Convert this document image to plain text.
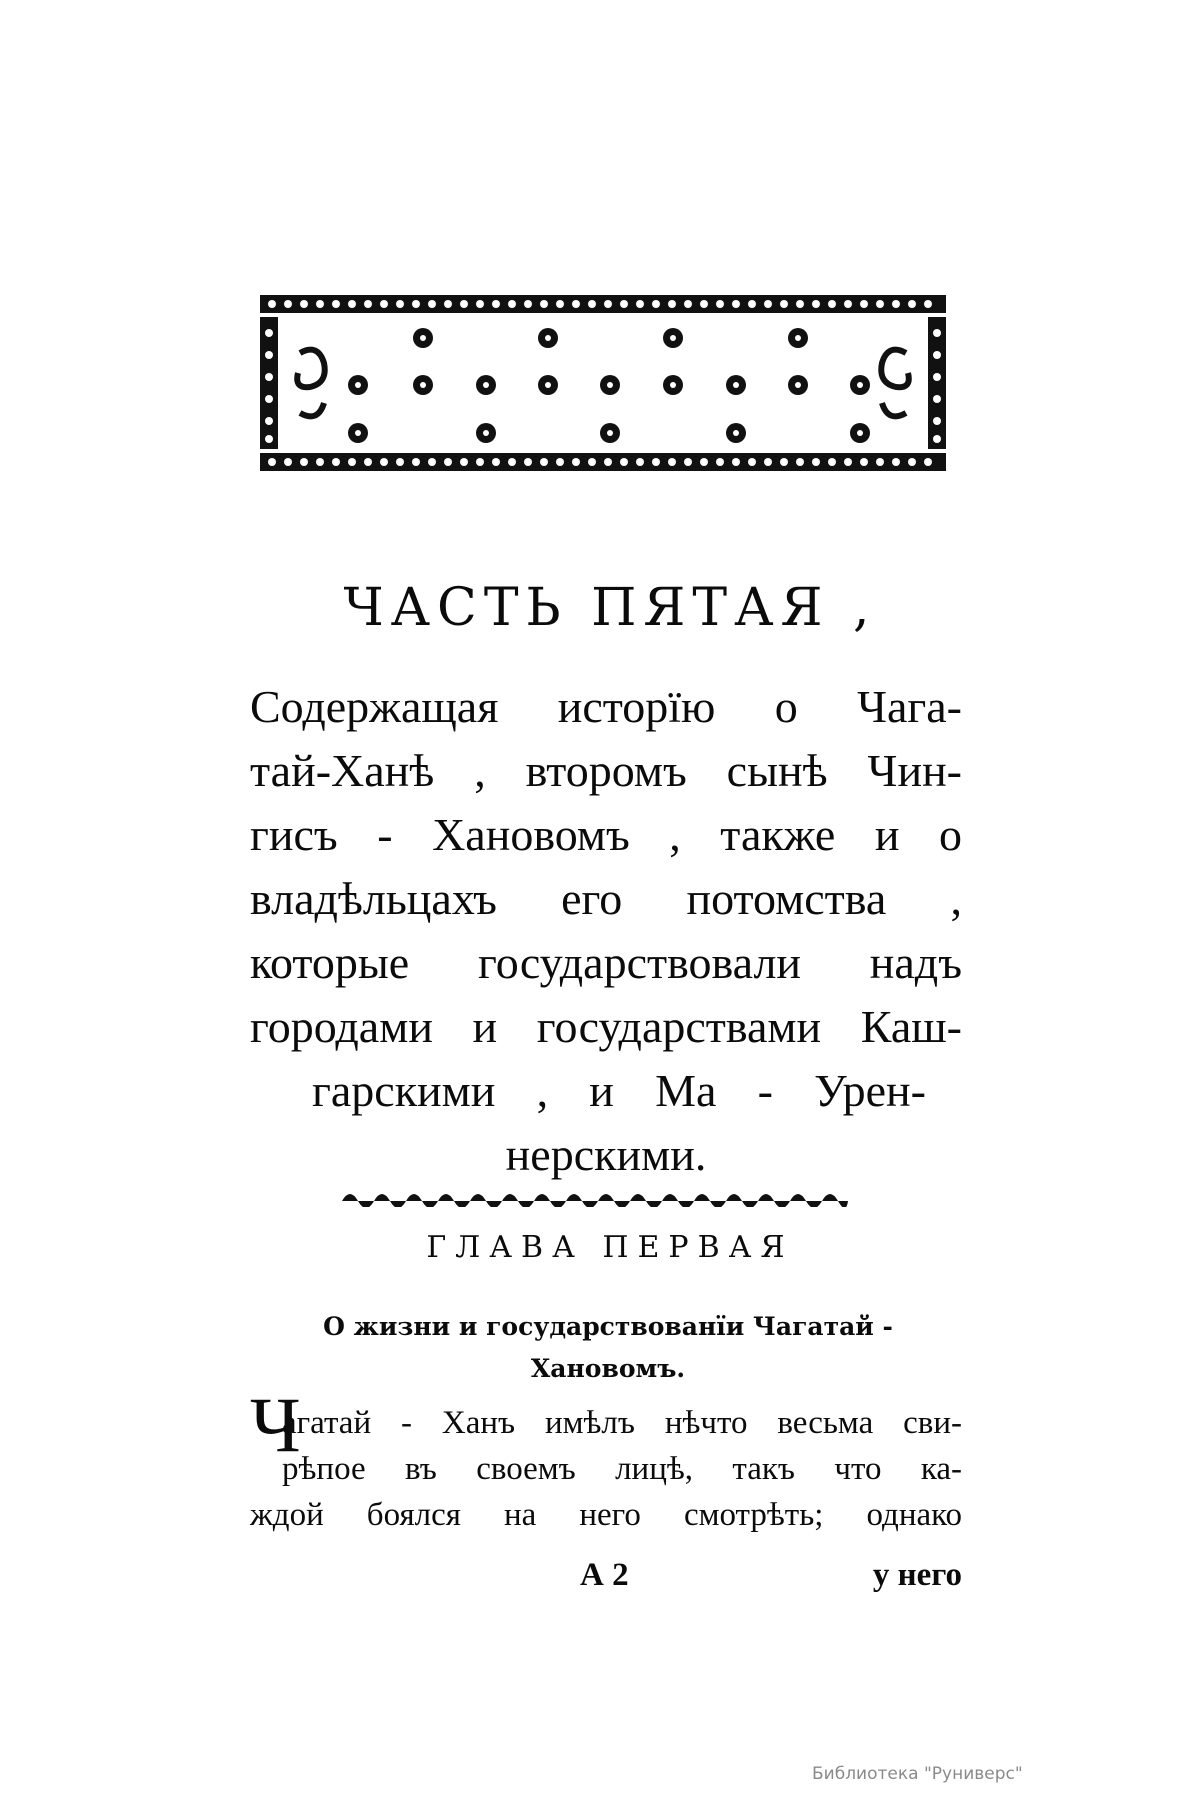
ЧАСТЬ ПЯТАЯ ,
Содержащая исторїю о Чага-
тай-Ханѣ , второмъ сынѣ Чин-
гисъ - Хановомъ , также и о
владѣльцахъ его потомства ,
которые государствовали надъ
городами и государствами Каш-
гарскими , и Ма - Урен-
нерскими.
ГЛАВА ПЕРВАЯ
О жизни и государствованїи Чагатай -
Хановомъ.
Ч
агатай - Ханъ имѣлъ нѣчто весьма сви-
рѣпое въ своемъ лицѣ, такъ что ка-
ждой боялся на него смотрѣть; однако
А 2	у него
Библиотека "Руниверс"
